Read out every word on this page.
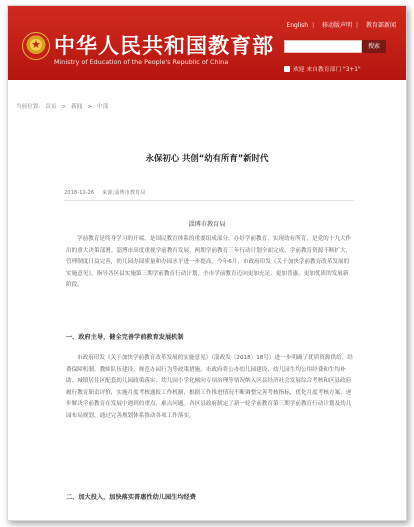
★
中华人民共和国教育部
Ministry of Education of the People's Republic of China
English | 移动版声明 | 教育部新闻
搜索
欢迎 来自教育部门 "3+1"
当前位置: 首页 > 新闻 > 中部
永保初心 共创“幼有所育”新时代
2018-11-26 来源:淄博市教育局
淄博市教育局

学前教育是终身学习的开端，是国民教育体系的重要组成部分。办好学前教育，实现幼有所育，是党的十九大作出的重大决策部署。淄博市高度重视学前教育发展，两期学前教育三年行动计划全面完成，学前教育资源不断扩大，管理制度日益完善，幼儿园办园质量和办园水平进一步提高。今年6月，市政府印发《关于加快学前教育改革发展的实施意见》，指导各区县实施第三期学前教育行动计划，全市学前教育迈向更加充足、更加普惠、更加优质的发展新阶段。

一、政府主导，健全完善学前教育发展机制

市政府印发《关于加快学前教育改革发展的实施意见》（淄政发〔2018〕18号）进一步明确了优质资源供给、经费保障机制、教师队伍建设、规范办园行为等政策措施。市政府将公办幼儿园建设、幼儿园生均公用经费和生均补助、城镇居住区配套幼儿园政策落实、幼儿园小学化倾向专项治理等情况纳入区县经济社会发展综合考核和区县政府履行教育职责评价，实施月度考核通报工作机制，根据工作推进情况不断调整完善考核指标，优化月度考核方案，逐步解决学前教育在发展中遇到的重点、难点问题。各区县政府制定了新一轮学前教育第三期学前教育行动计划及幼儿园布局规划，通过完善规划体系推动各项工作落实。

二、加大投入，加快落实普惠性幼儿园生均经费
